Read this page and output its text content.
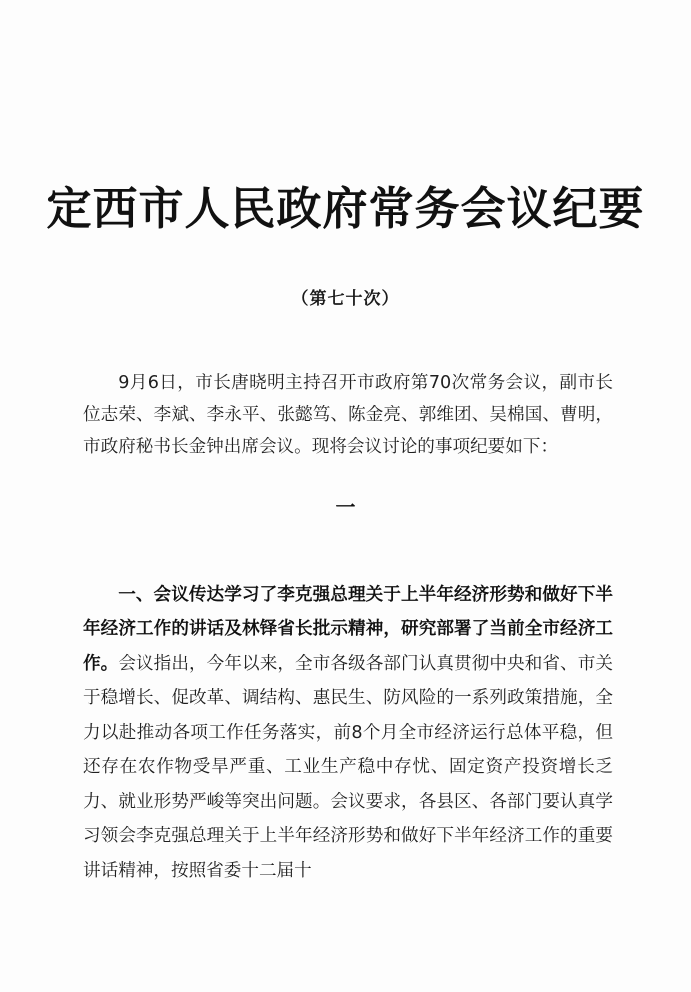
定西市人民政府常务会议纪要
（第七十次）

9月6日，市长唐晓明主持召开市政府第70次常务会议，副市长位志荣、李斌、李永平、张懿笃、陈金亮、郭维团、吴棉国、曹明，市政府秘书长金钟出席会议。现将会议讨论的事项纪要如下：

一

一、会议传达学习了李克强总理关于上半年经济形势和做好下半年经济工作的讲话及林铎省长批示精神，研究部署了当前全市经济工作。会议指出，今年以来，全市各级各部门认真贯彻中央和省、市关于稳增长、促改革、调结构、惠民生、防风险的一系列政策措施，全力以赴推动各项工作任务落实，前8个月全市经济运行总体平稳，但还存在农作物受旱严重、工业生产稳中存忧、固定资产投资增长乏力、就业形势严峻等突出问题。会议要求，各县区、各部门要认真学习领会李克强总理关于上半年经济形势和做好下半年经济工作的重要讲话精神，按照省委十二届十
